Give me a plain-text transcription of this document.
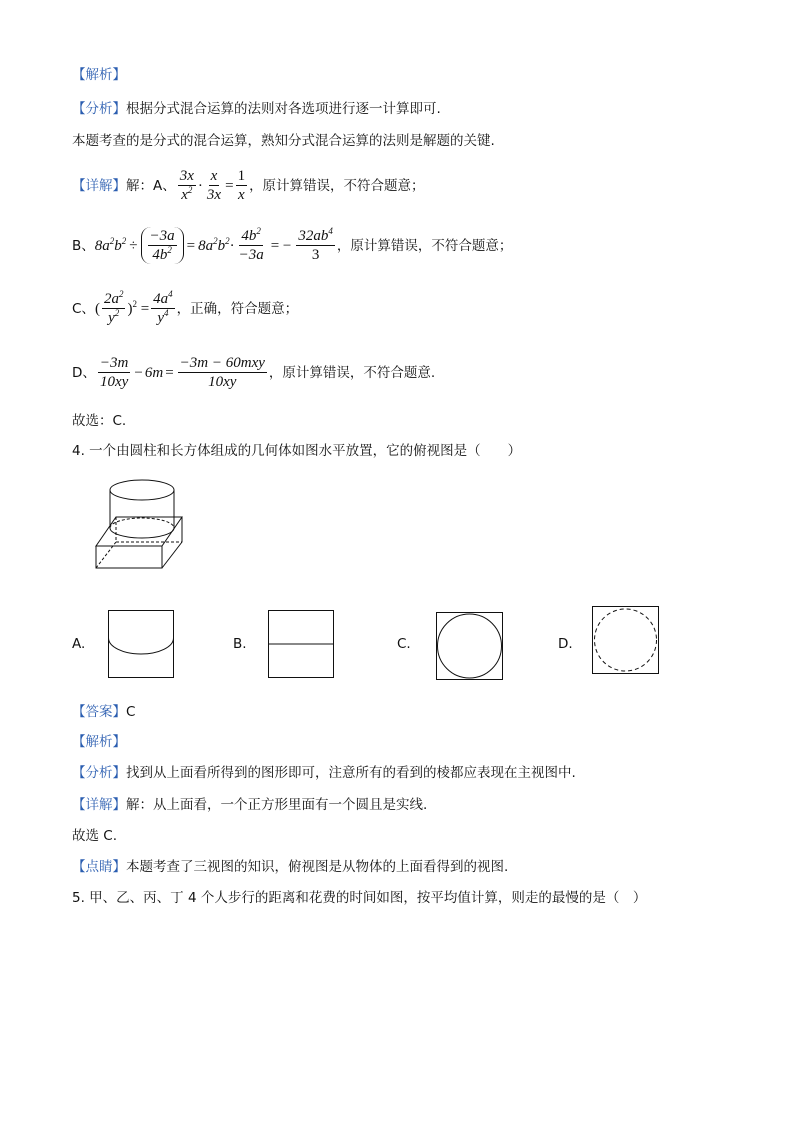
【解析】
【分析】根据分式混合运算的法则对各选项进行逐一计算即可.
本题考查的是分式的混合运算，熟知分式混合运算的法则是解题的关键.
【详解】 解：A、 $\frac{3x}{x^2} \cdot \frac{x}{3x} = \frac{1}{x}$ ，原计算错误，不符合题意；
B、 $8a^2b^2 \div \frac{-3a}{4b^2} = 8a^2b^2 \cdot \frac{4b^2}{-3a}$ = − $\frac{32ab^4}{3}$ ，原计算错误，不符合题意；
C、 ( $\frac{2a^2}{y^2} )^2 = \frac{4a^4}{y^4}$ ，正确，符合题意；
D、 $\frac{-3m}{10xy} - 6m = \frac{\text{−3m − 60mxy}}{10xy}$ ，原计算错误，不符合题意.
故选：C.
4. 一个由圆柱和长方体组成的几何体如图水平放置，它的俯视图是（　　）
A.	B.	C.	D.
【答案】C
【解析】
【分析】找到从上面看所得到的图形即可，注意所有的看到的棱都应表现在主视图中.
【详解】解：从上面看，一个正方形里面有一个圆且是实线.
故选 C.
【点睛】本题考查了三视图的知识，俯视图是从物体的上面看得到的视图.
5. 甲、乙、丙、丁 4 个人步行的距离和花费的时间如图，按平均值计算，则走的最慢的是（　）
